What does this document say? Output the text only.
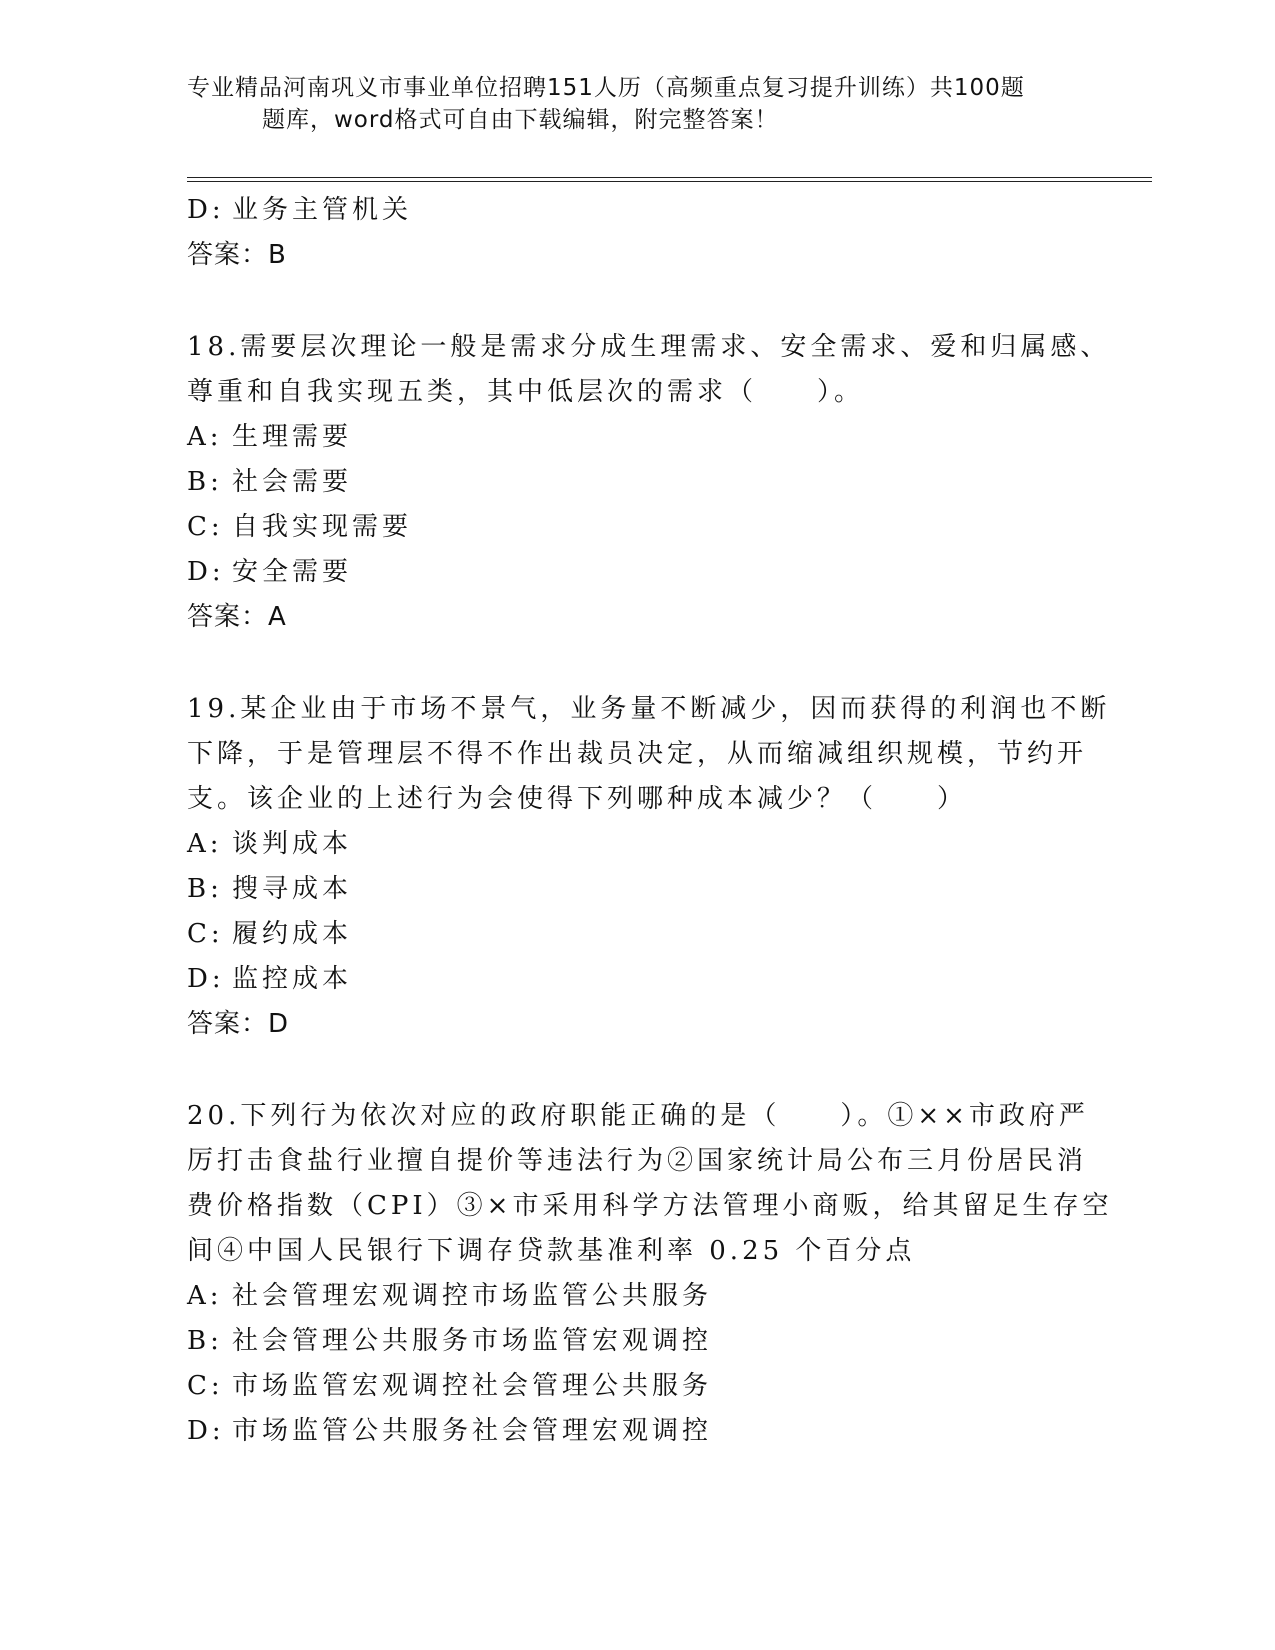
专业精品河南巩义市事业单位招聘151人历（高频重点复习提升训练）共100题
题库，word格式可自由下载编辑，附完整答案！
D: 业务主管机关
答案：B
18.需要层次理论一般是需求分成生理需求、安全需求、爱和归属感、
尊重和自我实现五类，其中低层次的需求（　　）。
A: 生理需要
B: 社会需要
C: 自我实现需要
D: 安全需要
答案：A
19.某企业由于市场不景气，业务量不断减少，因而获得的利润也不断
下降，于是管理层不得不作出裁员决定，从而缩减组织规模，节约开
支。该企业的上述行为会使得下列哪种成本减少？（　　）
A: 谈判成本
B: 搜寻成本
C: 履约成本
D: 监控成本
答案：D
20.下列行为依次对应的政府职能正确的是（　　）。①××市政府严
厉打击食盐行业擅自提价等违法行为②国家统计局公布三月份居民消
费价格指数（CPI）③×市采用科学方法管理小商贩，给其留足生存空
间④中国人民银行下调存贷款基准利率 0.25 个百分点
A: 社会管理宏观调控市场监管公共服务
B: 社会管理公共服务市场监管宏观调控
C: 市场监管宏观调控社会管理公共服务
D: 市场监管公共服务社会管理宏观调控
